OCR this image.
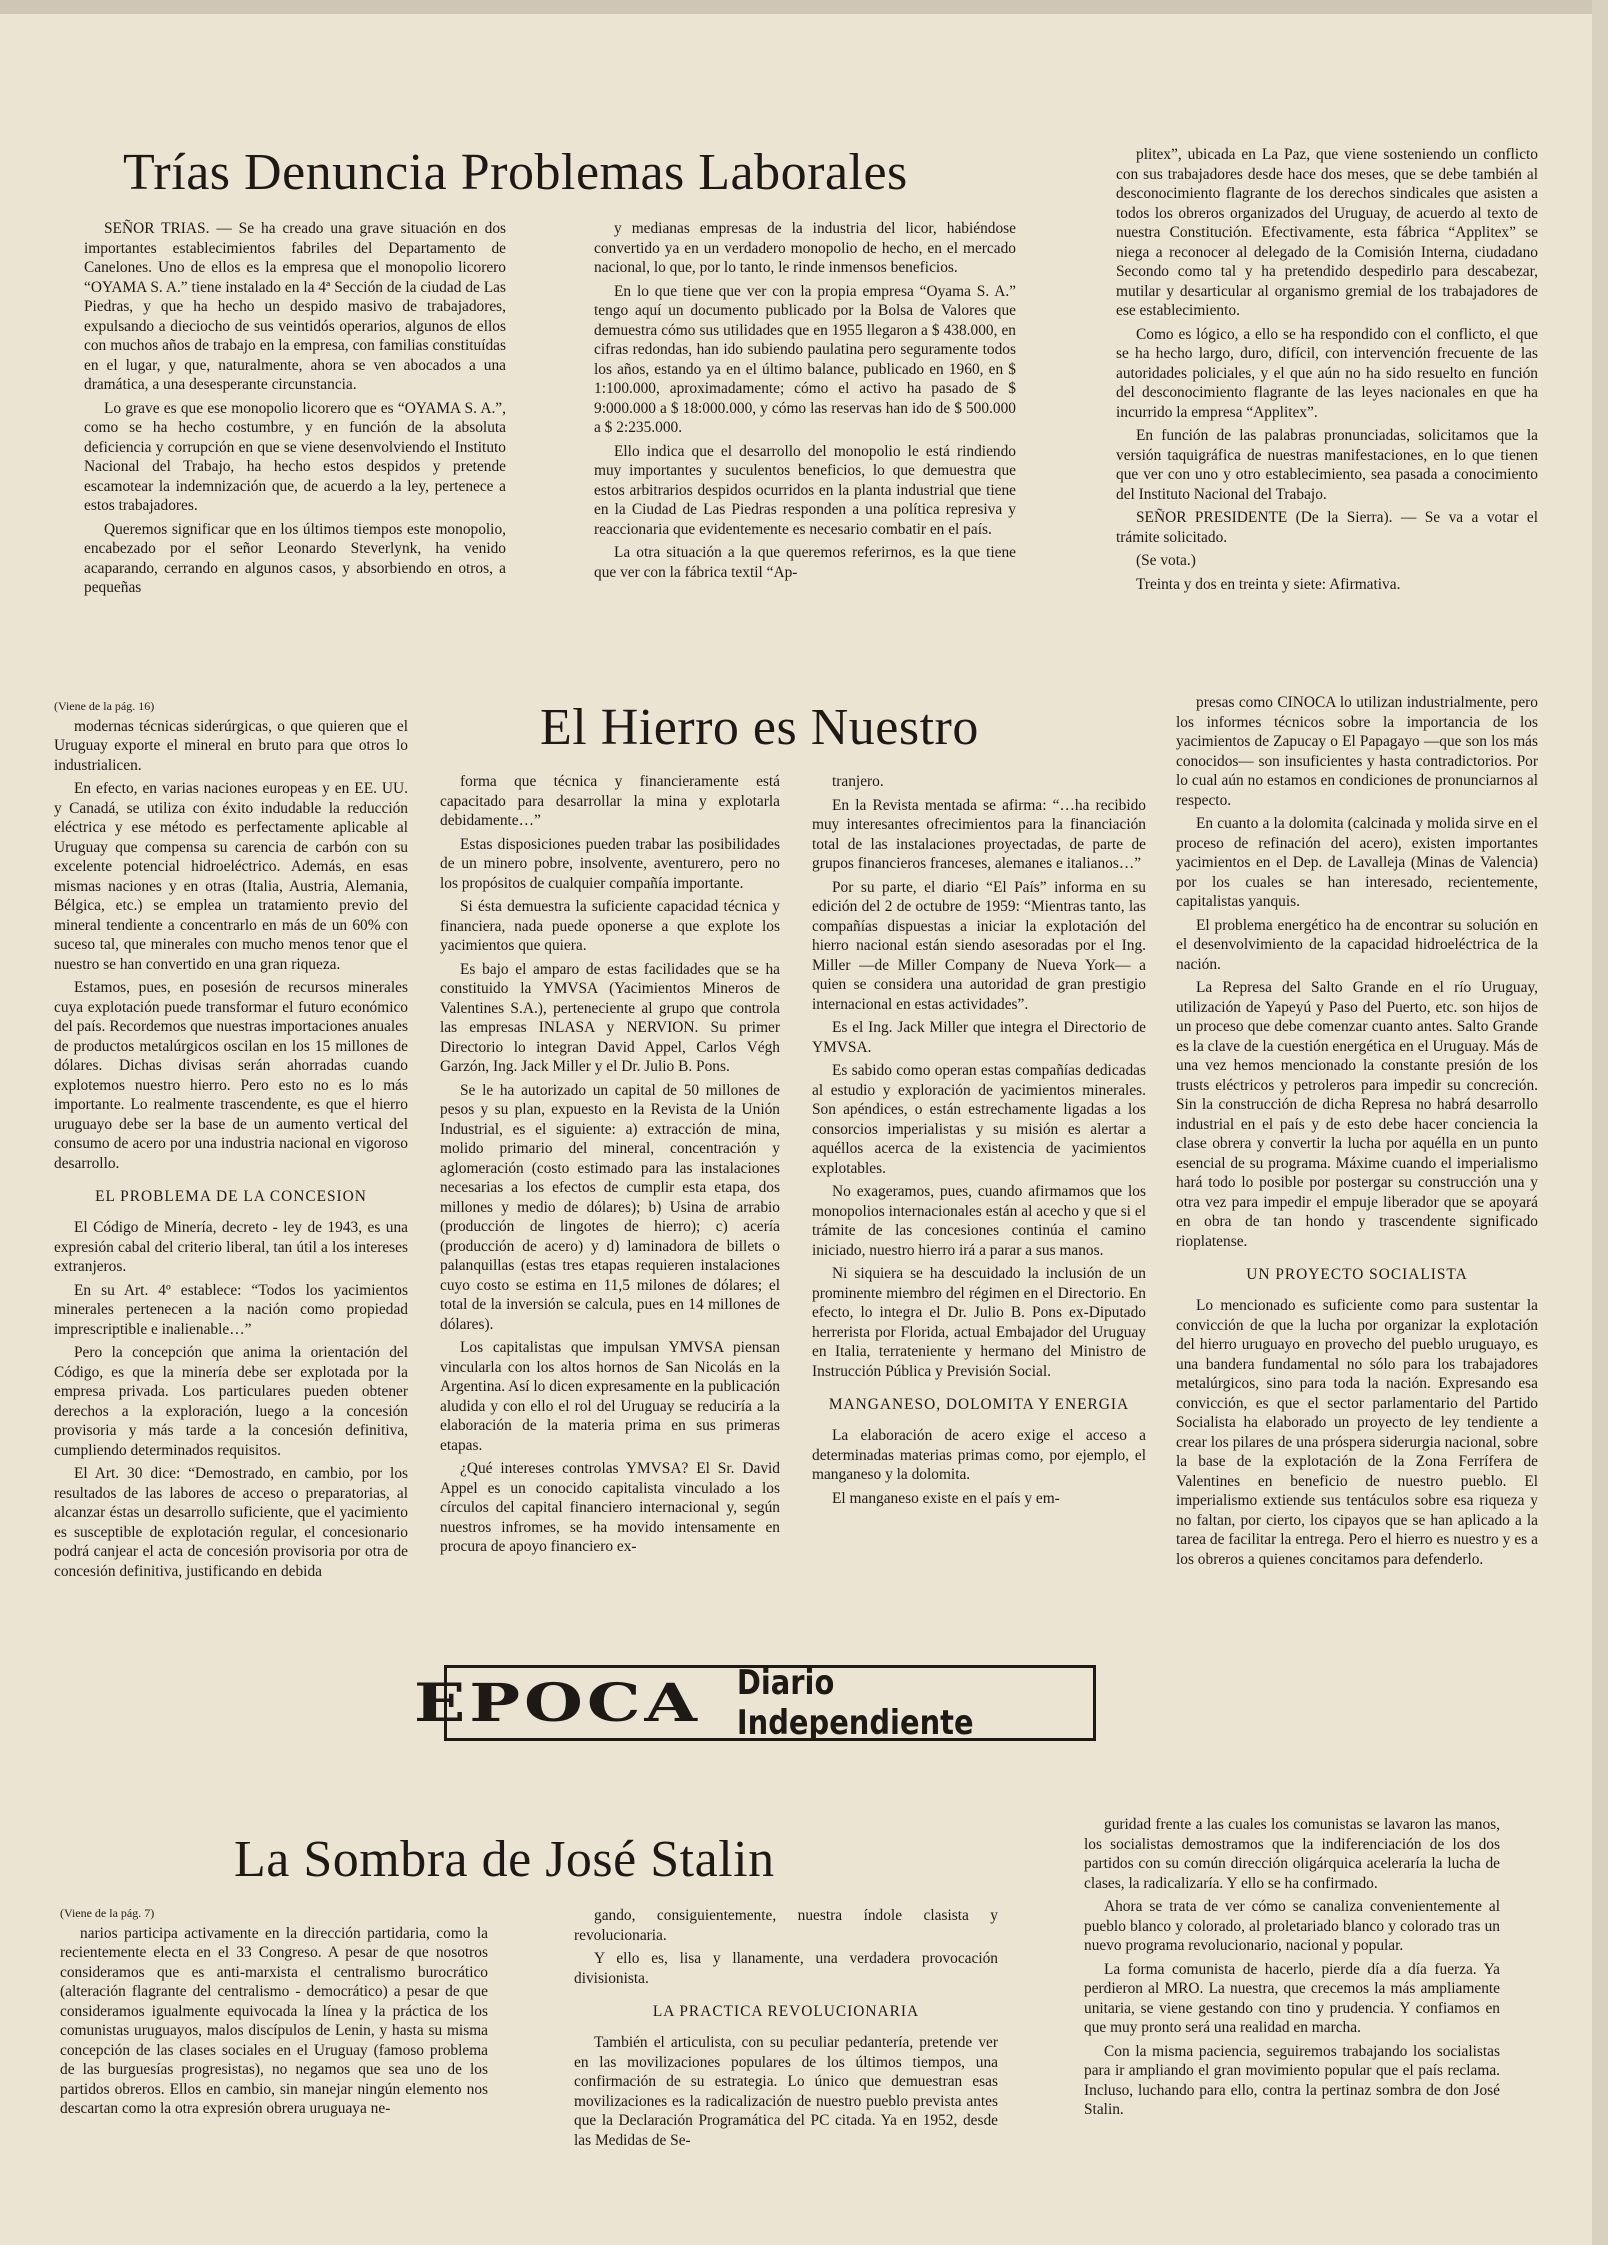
Trías Denuncia Problemas Laborales

SEÑOR TRIAS. — Se ha creado una grave situación en dos importantes establecimientos fabriles del Departamento de Canelones. Uno de ellos es la empresa que el monopolio licorero “OYAMA S. A.” tiene instalado en la 4ª Sección de la ciudad de Las Piedras, y que ha hecho un despido masivo de trabajadores, expulsando a dieciocho de sus veintidós operarios, algunos de ellos con muchos años de trabajo en la empresa, con familias constituídas en el lugar, y que, naturalmente, ahora se ven abocados a una dramática, a una desesperante circunstancia.

Lo grave es que ese monopolio licorero que es “OYAMA S. A.”, como se ha hecho costumbre, y en función de la absoluta deficiencia y corrupción en que se viene desenvolviendo el Instituto Nacional del Trabajo, ha hecho estos despidos y pretende escamotear la indemnización que, de acuerdo a la ley, pertenece a estos trabajadores.

Queremos significar que en los últimos tiempos este monopolio, encabezado por el señor Leonardo Steverlynk, ha venido acaparando, cerrando en algunos casos, y absorbiendo en otros, a pequeñas

y medianas empresas de la industria del licor, habiéndose convertido ya en un verdadero monopolio de hecho, en el mercado nacional, lo que, por lo tanto, le rinde inmensos beneficios.

En lo que tiene que ver con la propia empresa “Oyama S. A.” tengo aquí un documento publicado por la Bolsa de Valores que demuestra cómo sus utilidades que en 1955 llegaron a $ 438.000, en cifras redondas, han ido subiendo paulatina pero seguramente todos los años, estando ya en el último balance, publicado en 1960, en $ 1:100.000, aproximadamente; cómo el activo ha pasado de $ 9:000.000 a $ 18:000.000, y cómo las reservas han ido de $ 500.000 a $ 2:235.000.

Ello indica que el desarrollo del monopolio le está rindiendo muy importantes y suculentos beneficios, lo que demuestra que estos arbitrarios despidos ocurridos en la planta industrial que tiene en la Ciudad de Las Piedras responden a una política represiva y reaccionaria que evidentemente es necesario combatir en el país.

La otra situación a la que queremos referirnos, es la que tiene que ver con la fábrica textil “Ap-

plitex”, ubicada en La Paz, que viene sosteniendo un conflicto con sus trabajadores desde hace dos meses, que se debe también al desconocimiento flagrante de los derechos sindicales que asisten a todos los obreros organizados del Uruguay, de acuerdo al texto de nuestra Constitución. Efectivamente, esta fábrica “Applitex” se niega a reconocer al delegado de la Comisión Interna, ciudadano Secondo como tal y ha pretendido despedirlo para descabezar, mutilar y desarticular al organismo gremial de los trabajadores de ese establecimiento.

Como es lógico, a ello se ha respondido con el conflicto, el que se ha hecho largo, duro, difícil, con intervención frecuente de las autoridades policiales, y el que aún no ha sido resuelto en función del desconocimiento flagrante de las leyes nacionales en que ha incurrido la empresa “Applitex”.

En función de las palabras pronunciadas, solicitamos que la versión taquigráfica de nuestras manifestaciones, en lo que tienen que ver con uno y otro establecimiento, sea pasada a conocimiento del Instituto Nacional del Trabajo.

SEÑOR PRESIDENTE (De la Sierra). — Se va a votar el trámite solicitado.

(Se vota.)

Treinta y dos en treinta y siete: Afirmativa.

El Hierro es Nuestro

(Viene de la pág. 16)

modernas técnicas siderúrgicas, o que quieren que el Uruguay exporte el mineral en bruto para que otros lo industrialicen.

En efecto, en varias naciones europeas y en EE. UU. y Canadá, se utiliza con éxito indudable la reducción eléctrica y ese método es perfectamente aplicable al Uruguay que compensa su carencia de carbón con su excelente potencial hidroeléctrico. Además, en esas mismas naciones y en otras (Italia, Austria, Alemania, Bélgica, etc.) se emplea un tratamiento previo del mineral tendiente a concentrarlo en más de un 60% con suceso tal, que minerales con mucho menos tenor que el nuestro se han convertido en una gran riqueza.

Estamos, pues, en posesión de recursos minerales cuya explotación puede transformar el futuro económico del país. Recordemos que nuestras importaciones anuales de productos metalúrgicos oscilan en los 15 millones de dólares. Dichas divisas serán ahorradas cuando explotemos nuestro hierro. Pero esto no es lo más importante. Lo realmente trascendente, es que el hierro uruguayo debe ser la base de un aumento vertical del consumo de acero por una industria nacional en vigoroso desarrollo.

EL PROBLEMA DE LA CONCESION

El Código de Minería, decreto - ley de 1943, es una expresión cabal del criterio liberal, tan útil a los intereses extranjeros.

En su Art. 4º establece: “Todos los yacimientos minerales pertenecen a la nación como propiedad imprescriptible e inalienable…”

Pero la concepción que anima la orientación del Código, es que la minería debe ser explotada por la empresa privada. Los particulares pueden obtener derechos a la exploración, luego a la concesión provisoria y más tarde a la concesión definitiva, cumpliendo determinados requisitos.

El Art. 30 dice: “Demostrado, en cambio, por los resultados de las labores de acceso o preparatorias, al alcanzar éstas un desarrollo suficiente, que el yacimiento es susceptible de explotación regular, el concesionario podrá canjear el acta de concesión provisoria por otra de concesión definitiva, justificando en debida

forma que técnica y financieramente está capacitado para desarrollar la mina y explotarla debidamente…”

Estas disposiciones pueden trabar las posibilidades de un minero pobre, insolvente, aventurero, pero no los propósitos de cualquier compañía importante.

Si ésta demuestra la suficiente capacidad técnica y financiera, nada puede oponerse a que explote los yacimientos que quiera.

Es bajo el amparo de estas facilidades que se ha constituido la YMVSA (Yacimientos Mineros de Valentines S.A.), perteneciente al grupo que controla las empresas INLASA y NERVION. Su primer Directorio lo integran David Appel, Carlos Végh Garzón, Ing. Jack Miller y el Dr. Julio B. Pons.

Se le ha autorizado un capital de 50 millones de pesos y su plan, expuesto en la Revista de la Unión Industrial, es el siguiente: a) extracción de mina, molido primario del mineral, concentración y aglomeración (costo estimado para las instalaciones necesarias a los efectos de cumplir esta etapa, dos millones y medio de dólares); b) Usina de arrabio (producción de lingotes de hierro); c) acería (producción de acero) y d) laminadora de billets o palanquillas (estas tres etapas requieren instalaciones cuyo costo se estima en 11,5 milones de dólares; el total de la inversión se calcula, pues en 14 millones de dólares).

Los capitalistas que impulsan YMVSA piensan vincularla con los altos hornos de San Nicolás en la Argentina. Así lo dicen expresamente en la publicación aludida y con ello el rol del Uruguay se reduciría a la elaboración de la materia prima en sus primeras etapas.

¿Qué intereses controlas YMVSA? El Sr. David Appel es un conocido capitalista vinculado a los círculos del capital financiero internacional y, según nuestros infromes, se ha movido intensamente en procura de apoyo financiero ex-

tranjero.

En la Revista mentada se afirma: “…ha recibido muy interesantes ofrecimientos para la financiación total de las instalaciones proyectadas, de parte de grupos financieros franceses, alemanes e italianos…”

Por su parte, el diario “El País” informa en su edición del 2 de octubre de 1959: “Mientras tanto, las compañías dispuestas a iniciar la explotación del hierro nacional están siendo asesoradas por el Ing. Miller —de Miller Company de Nueva York— a quien se considera una autoridad de gran prestigio internacional en estas actividades”.

Es el Ing. Jack Miller que integra el Directorio de YMVSA.

Es sabido como operan estas compañías dedicadas al estudio y exploración de yacimientos minerales. Son apéndices, o están estrechamente ligadas a los consorcios imperialistas y su misión es alertar a aquéllos acerca de la existencia de yacimientos explotables.

No exageramos, pues, cuando afirmamos que los monopolios internacionales están al acecho y que si el trámite de las concesiones continúa el camino iniciado, nuestro hierro irá a parar a sus manos.

Ni siquiera se ha descuidado la inclusión de un prominente miembro del régimen en el Directorio. En efecto, lo integra el Dr. Julio B. Pons ex-Diputado herrerista por Florida, actual Embajador del Uruguay en Italia, terrateniente y hermano del Ministro de Instrucción Pública y Previsión Social.

MANGANESO, DOLOMITA Y ENERGIA

La elaboración de acero exige el acceso a determinadas materias primas como, por ejemplo, el manganeso y la dolomita.

El manganeso existe en el país y em-

presas como CINOCA lo utilizan industrialmente, pero los informes técnicos sobre la importancia de los yacimientos de Zapucay o El Papagayo —que son los más conocidos— son insuficientes y hasta contradictorios. Por lo cual aún no estamos en condiciones de pronunciarnos al respecto.

En cuanto a la dolomita (calcinada y molida sirve en el proceso de refinación del acero), existen importantes yacimientos en el Dep. de Lavalleja (Minas de Valencia) por los cuales se han interesado, recientemente, capitalistas yanquis.

El problema energético ha de encontrar su solución en el desenvolvimiento de la capacidad hidroeléctrica de la nación.

La Represa del Salto Grande en el río Uruguay, utilización de Yapeyú y Paso del Puerto, etc. son hijos de un proceso que debe comenzar cuanto antes. Salto Grande es la clave de la cuestión energética en el Uruguay. Más de una vez hemos mencionado la constante presión de los trusts eléctricos y petroleros para impedir su concreción. Sin la construcción de dicha Represa no habrá desarrollo industrial en el país y de esto debe hacer conciencia la clase obrera y convertir la lucha por aquélla en un punto esencial de su programa. Máxime cuando el imperialismo hará todo lo posible por postergar su construcción una y otra vez para impedir el empuje liberador que se apoyará en obra de tan hondo y trascendente significado rioplatense.

UN PROYECTO SOCIALISTA

Lo mencionado es suficiente como para sustentar la convicción de que la lucha por organizar la explotación del hierro uruguayo en provecho del pueblo uruguayo, es una bandera fundamental no sólo para los trabajadores metalúrgicos, sino para toda la nación. Expresando esa convicción, es que el sector parlamentario del Partido Socialista ha elaborado un proyecto de ley tendiente a crear los pilares de una próspera siderurgia nacional, sobre la base de la explotación de la Zona Ferrífera de Valentines en beneficio de nuestro pueblo. El imperialismo extiende sus tentáculos sobre esa riqueza y no faltan, por cierto, los cipayos que se han aplicado a la tarea de facilitar la entrega. Pero el hierro es nuestro y es a los obreros a quienes concitamos para defenderlo.

EPOCA Diario Independiente
La Sombra de José Stalin

(Viene de la pág. 7)

narios participa activamente en la dirección partidaria, como la recientemente electa en el 33 Congreso. A pesar de que nosotros consideramos que es anti-marxista el centralismo burocrático (alteración flagrante del centralismo - democrático) a pesar de que consideramos igualmente equivocada la línea y la práctica de los comunistas uruguayos, malos discípulos de Lenin, y hasta su misma concepción de las clases sociales en el Uruguay (famoso problema de las burguesías progresistas), no negamos que sea uno de los partidos obreros. Ellos en cambio, sin manejar ningún elemento nos descartan como la otra expresión obrera uruguaya ne-

gando, consiguientemente, nuestra índole clasista y revolucionaria.

Y ello es, lisa y llanamente, una verdadera provocación divisionista.

LA PRACTICA REVOLUCIONARIA

También el articulista, con su peculiar pedantería, pretende ver en las movilizaciones populares de los últimos tiempos, una confirmación de su estrategia. Lo único que demuestran esas movilizaciones es la radicalización de nuestro pueblo prevista antes que la Declaración Programática del PC citada. Ya en 1952, desde las Medidas de Se-

guridad frente a las cuales los comunistas se lavaron las manos, los socialistas demostramos que la indiferenciación de los dos partidos con su común dirección oligárquica aceleraría la lucha de clases, la radicalizaría. Y ello se ha confirmado.

Ahora se trata de ver cómo se canaliza convenientemente al pueblo blanco y colorado, al proletariado blanco y colorado tras un nuevo programa revolucionario, nacional y popular.

La forma comunista de hacerlo, pierde día a día fuerza. Ya perdieron al MRO. La nuestra, que crecemos la más ampliamente unitaria, se viene gestando con tino y prudencia. Y confiamos en que muy pronto será una realidad en marcha.

Con la misma paciencia, seguiremos trabajando los socialistas para ir ampliando el gran movimiento popular que el país reclama. Incluso, luchando para ello, contra la pertinaz sombra de don José Stalin.
